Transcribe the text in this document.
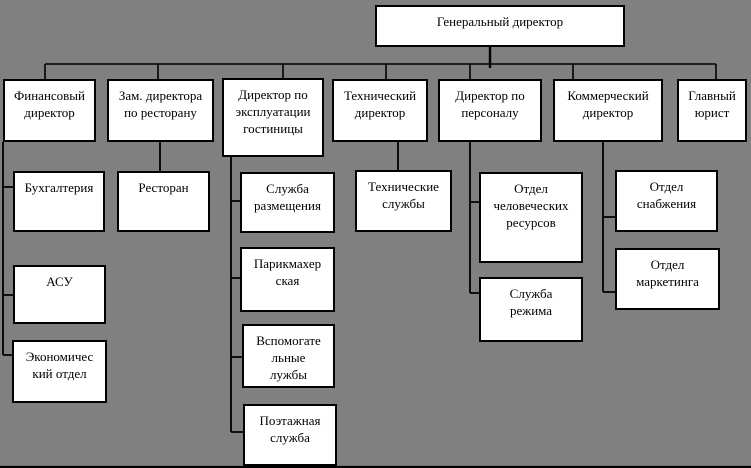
Генеральный директор
Финансовый
директор
Зам. директора
по ресторану
Директор по
эксплуатации
гостиницы
Технический
директор
Директор по
персоналу
Коммерческий
директор
Главный
юрист
Бухгалтерия
АСУ
Экономичес
кий отдел
Ресторан	Служба
размещения
Парикмахер
ская
Вспомогате
льные
лужбы
Поэтажная
служба
Технические
службы
Отдел
человеческих
ресурсов
Служба
режима
Отдел
снабжения
Отдел
маркетинга
